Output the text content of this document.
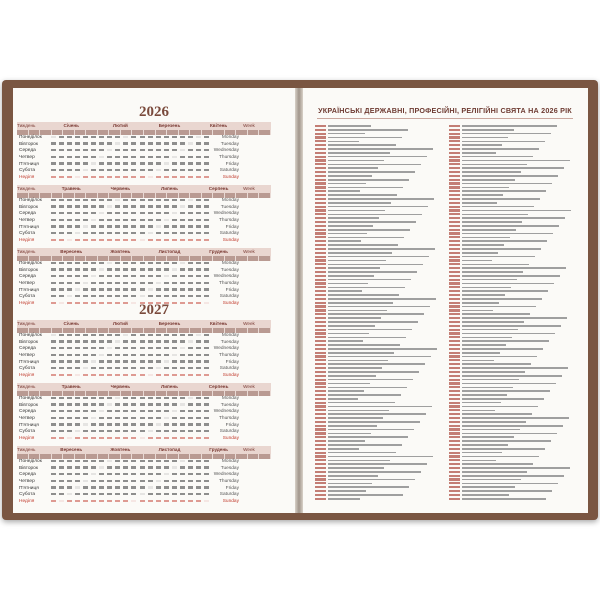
2026
Тиждень	Січень	Лютий	Березень	Квітень	Week
Понеділок	Monday
Вівторок	Tuesday
Середа	Wednesday
Четвер	Thursday
П'ятниця	Friday
Субота	Saturday
Неділя	Sunday
Тиждень	Травень	Червень	Липень	Серпень	Week
Понеділок	Monday
Вівторок	Tuesday
Середа	Wednesday
Четвер	Thursday
П'ятниця	Friday
Субота	Saturday
Неділя	Sunday
Тиждень	Вересень	Жовтень	Листопад	Грудень	Week
Понеділок	Monday
Вівторок	Tuesday
Середа	Wednesday
Четвер	Thursday
П'ятниця	Friday
Субота	Saturday
Неділя	Sunday
2027
Тиждень	Січень	Лютий	Березень	Квітень	Week
Понеділок	Monday
Вівторок	Tuesday
Середа	Wednesday
Четвер	Thursday
П'ятниця	Friday
Субота	Saturday
Неділя	Sunday
Тиждень	Травень	Червень	Липень	Серпень	Week
Понеділок	Monday
Вівторок	Tuesday
Середа	Wednesday
Четвер	Thursday
П'ятниця	Friday
Субота	Saturday
Неділя	Sunday
Тиждень	Вересень	Жовтень	Листопад	Грудень	Week
Понеділок	Monday
Вівторок	Tuesday
Середа	Wednesday
Четвер	Thursday
П'ятниця	Friday
Субота	Saturday
Неділя	Sunday
УКРАЇНСЬКІ ДЕРЖАВНІ, ПРОФЕСІЙНІ, РЕЛІГІЙНІ СВЯТА НА 2026 РІК
